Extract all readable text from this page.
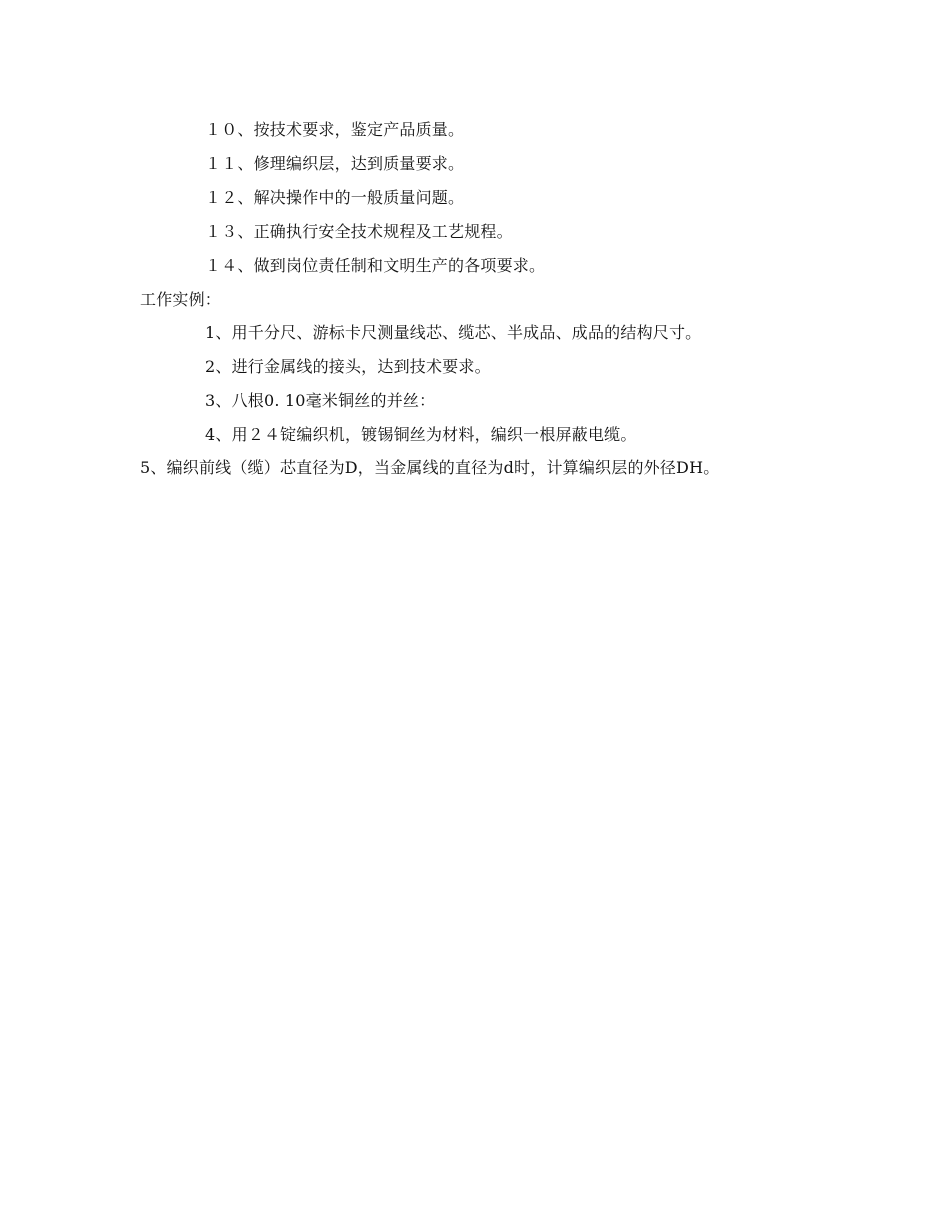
１０、按技术要求，鉴定产品质量。
１１、修理编织层，达到质量要求。
１２、解决操作中的一般质量问题。
１３、正确执行安全技术规程及工艺规程。
１４、做到岗位责任制和文明生产的各项要求。
工作实例：
1、用千分尺、游标卡尺测量线芯、缆芯、半成品、成品的结构尺寸。
2、进行金属线的接头，达到技术要求。
3、八根0. 10毫米铜丝的并丝：
4、用２４锭编织机，镀锡铜丝为材料，编织一根屏蔽电缆。
5、编织前线（缆）芯直径为D，当金属线的直径为d时，计算编织层的外径DH。
